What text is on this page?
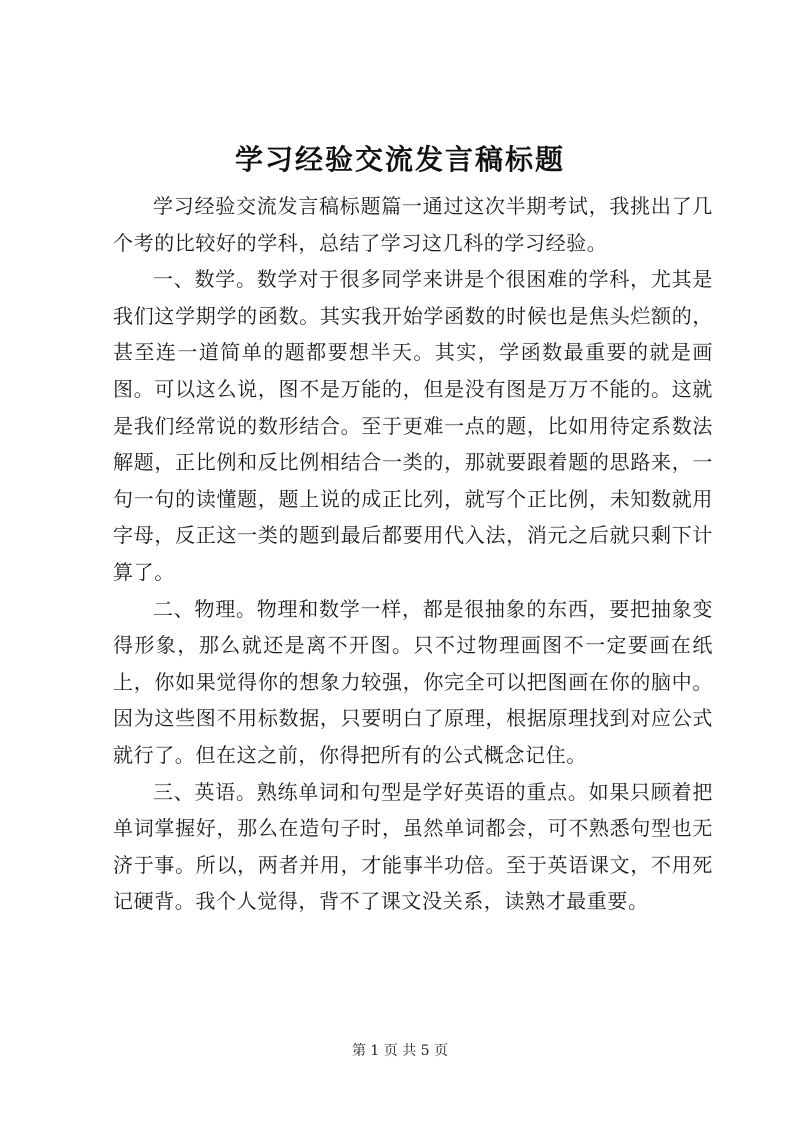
学习经验交流发言稿标题

学习经验交流发言稿标题篇一通过这次半期考试，我挑出了几个考的比较好的学科，总结了学习这几科的学习经验。

一、数学。数学对于很多同学来讲是个很困难的学科，尤其是我们这学期学的函数。其实我开始学函数的时候也是焦头烂额的，甚至连一道简单的题都要想半天。其实，学函数最重要的就是画图。可以这么说，图不是万能的，但是没有图是万万不能的。这就是我们经常说的数形结合。至于更难一点的题，比如用待定系数法解题，正比例和反比例相结合一类的，那就要跟着题的思路来，一句一句的读懂题，题上说的成正比列，就写个正比例，未知数就用字母，反正这一类的题到最后都要用代入法，消元之后就只剩下计算了。

二、物理。物理和数学一样，都是很抽象的东西，要把抽象变得形象，那么就还是离不开图。只不过物理画图不一定要画在纸上，你如果觉得你的想象力较强，你完全可以把图画在你的脑中。因为这些图不用标数据，只要明白了原理，根据原理找到对应公式就行了。但在这之前，你得把所有的公式概念记住。

三、英语。熟练单词和句型是学好英语的重点。如果只顾着把单词掌握好，那么在造句子时，虽然单词都会，可不熟悉句型也无济于事。所以，两者并用，才能事半功倍。至于英语课文，不用死记硬背。我个人觉得，背不了课文没关系，读熟才最重要。

第 1 页 共 5 页
